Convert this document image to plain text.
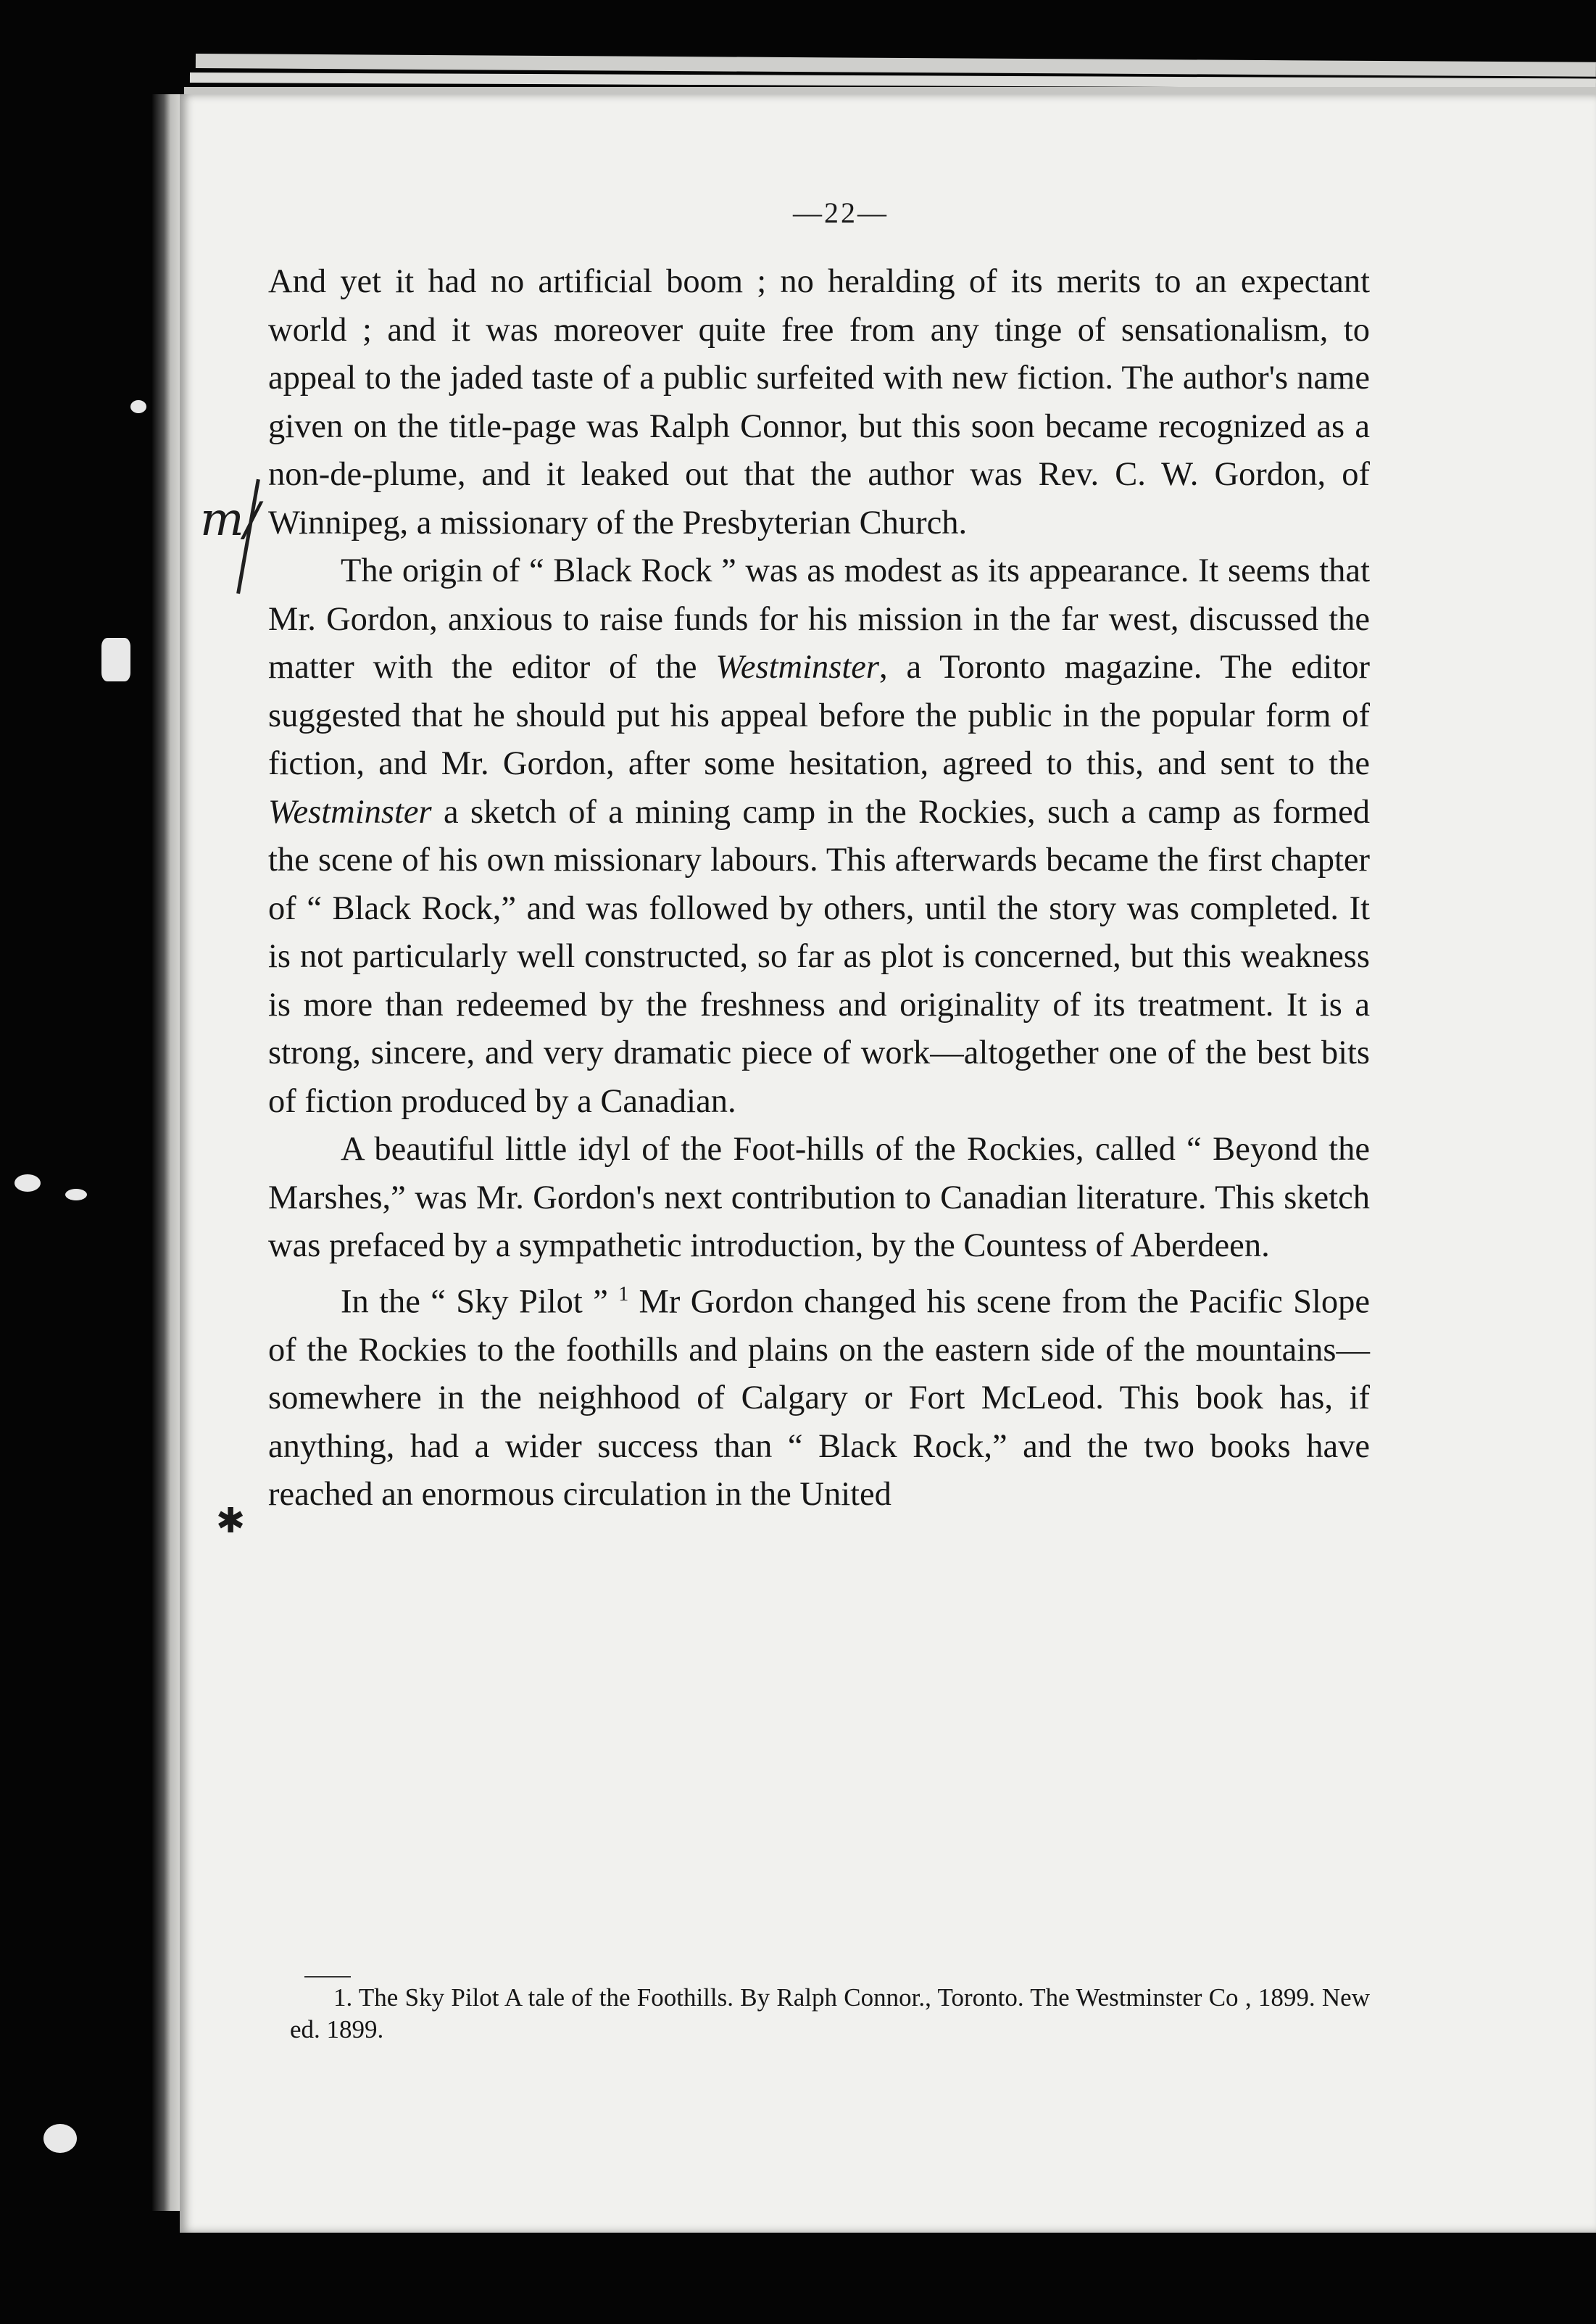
—22—

And yet it had no artificial boom ; no heralding of its merits to an expectant world ; and it was moreover quite free from any tinge of sensationalism, to appeal to the jaded taste of a public surfeited with new fiction. The author's name given on the title-page was Ralph Connor, but this soon became recognized as a non-de-plume, and it leaked out that the author was Rev. C. W. Gordon, of Winnipeg, a missionary of the Presbyterian Church.

The origin of “ Black Rock ” was as modest as its appearance. It seems that Mr. Gordon, anxious to raise funds for his mission in the far west, discussed the matter with the editor of the Westminster, a Toronto magazine. The editor suggested that he should put his appeal before the public in the popular form of fiction, and Mr. Gordon, after some hesitation, agreed to this, and sent to the Westminster a sketch of a mining camp in the Rockies, such a camp as formed the scene of his own missionary labours. This afterwards became the first chapter of “ Black Rock,” and was followed by others, until the story was completed. It is not particularly well constructed, so far as plot is concerned, but this weakness is more than redeemed by the freshness and originality of its treatment. It is a strong, sincere, and very dramatic piece of work—altogether one of the best bits of fiction produced by a Canadian.

A beautiful little idyl of the Foot-hills of the Rockies, called “ Beyond the Marshes,” was Mr. Gordon's next contribution to Canadian literature. This sketch was prefaced by a sympathetic introduction, by the Countess of Aberdeen.

In the “ Sky Pilot ” $^1$ Mr Gordon changed his scene from the Pacific Slope of the Rockies to the foothills and plains on the eastern side of the mountains—somewhere in the neighhood of Calgary or Fort McLeod. This book has, if anything, had a wider success than “ Black Rock,” and the two books have reached an enormous circulation in the United

1. The Sky Pilot A tale of the Foothills. By Ralph Connor., Toronto. The Westminster Co , 1899. New ed. 1899.

m/
✱
